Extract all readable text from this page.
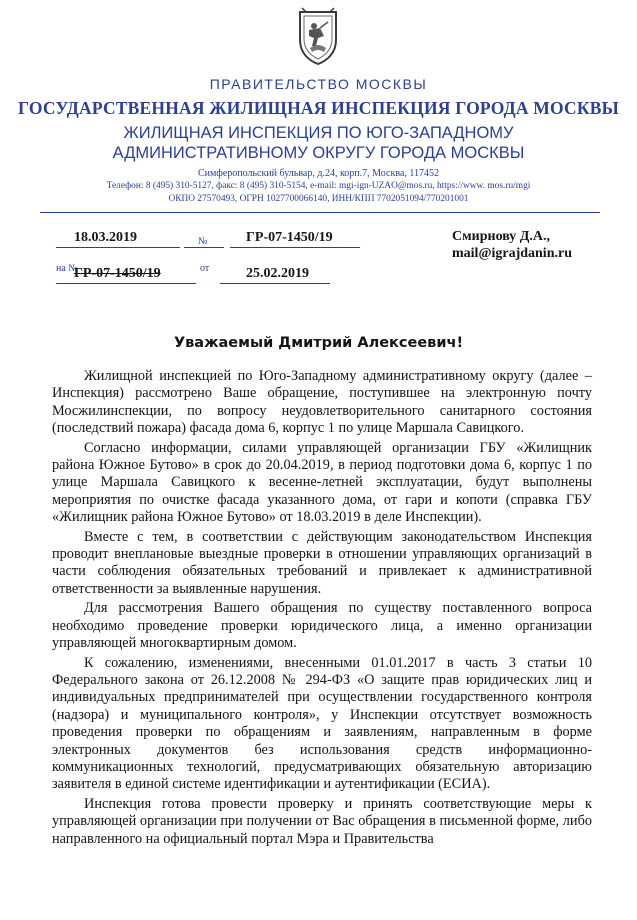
ПРАВИТЕЛЬСТВО МОСКВЫ
ГОСУДАРСТВЕННАЯ ЖИЛИЩНАЯ ИНСПЕКЦИЯ ГОРОДА МОСКВЫ
ЖИЛИЩНАЯ ИНСПЕКЦИЯ ПО ЮГО-ЗАПАДНОМУ
АДМИНИСТРАТИВНОМУ ОКРУГУ ГОРОДА МОСКВЫ
Симферопольский бульвар, д.24, корп.7, Москва, 117452
Телефон: 8 (495) 310-5127, факс: 8 (495) 310-5154, e-mail: mgi-ign-UZAO@mos.ru, https://www. mos.ru/mgi
ОКПО 27570493, ОГРН 1027700066140, ИНН/КПП 7702051094/770201001
18.03.2019	№	ГР-07-1450/19
на №
ГР-07-1450/19	от	25.02.2019
Смирнову Д.А.,
mail@igrajdanin.ru
Уважаемый Дмитрий Алексеевич!

Жилищной инспекцией по Юго-Западному административному округу (далее – Инспекция) рассмотрено Ваше обращение, поступившее на электронную почту Мосжилинспекции, по вопросу неудовлетворительного санитарного состояния (последствий пожара) фасада дома 6, корпус 1 по улице Маршала Савицкого.

Согласно информации, силами управляющей организации ГБУ «Жилищник района Южное Бутово» в срок до 20.04.2019, в период подготовки дома 6, корпус 1 по улице Маршала Савицкого к весенне-летней эксплуатации, будут выполнены мероприятия по очистке фасада указанного дома, от гари и копоти (справка ГБУ «Жилищник района Южное Бутово» от 18.03.2019 в деле Инспекции).

Вместе с тем, в соответствии с действующим законодательством Инспекция проводит внеплановые выездные проверки в отношении управляющих организаций в части соблюдения обязательных требований и привлекает к административной ответственности за выявленные нарушения.

Для рассмотрения Вашего обращения по существу поставленного вопроса необходимо проведение проверки юридического лица, а именно организации управляющей многоквартирным домом.

К сожалению, изменениями, внесенными 01.01.2017 в часть 3 статьи 10 Федерального закона от 26.12.2008 № 294-ФЗ «О защите прав юридических лиц и индивидуальных предпринимателей при осуществлении государственного контроля (надзора) и муниципального контроля», у Инспекции отсутствует возможность проведения проверки по обращениям и заявлениям, направленным в форме электронных документов без использования средств информационно-коммуникационных технологий, предусматривающих обязательную авторизацию заявителя в единой системе идентификации и аутентификации (ЕСИА).

Инспекция готова провести проверку и принять соответствующие меры к управляющей организации при получении от Вас обращения в письменной форме, либо направленного на официальный портал Мэра и Правительства
